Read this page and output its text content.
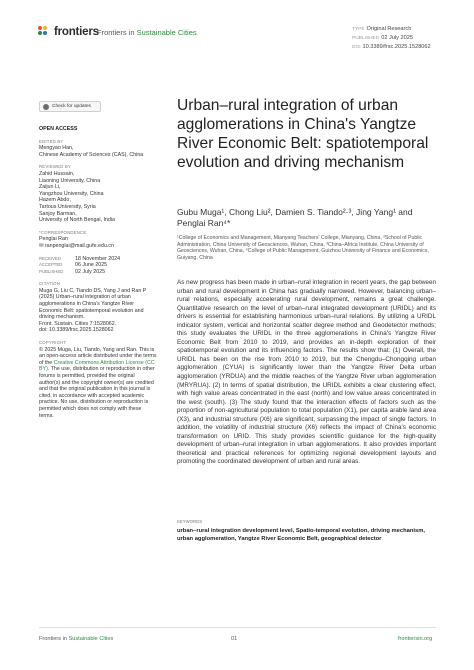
frontiers
Frontiers in Sustainable Cities	TYPE Original Research
PUBLISHED 02 July 2025
DOI 10.3389/frsc.2025.1528062
Check for updates
OPEN ACCESS
EDITED BY
Mengyao Han,
Chinese Academy of Sciences (CAS), China
REVIEWED BY
Zahid Hussain,
Liaoning University, China
Zaijun Li,
Yangzhou University, China
Hazem Abdo,
Tartous University, Syria
Sanjoy Barman,
University of North Bengal, India
*CORRESPONDENCE
Penglai Ran
✉ ranpenglai@mail.gufe.edu.cn
RECEIVED	18 November 2024
ACCEPTED	06 June 2025
PUBLISHED	02 July 2025
CITATION
Muga G, Liu C, Tiando DS, Yang J and Ran P (2025) Urban–rural integration of urban agglomerations in China's Yangtze River Economic Belt: spatiotemporal evolution and driving mechanism.
Front. Sustain. Cities 7:1528062.
doi: 10.3389/frsc.2025.1528062
COPYRIGHT
© 2025 Muga, Liu, Tiando, Yang and Ran. This is an open-access article distributed under the terms of the Creative Commons Attribution License (CC BY). The use, distribution or reproduction in other forums is permitted, provided the original author(s) and the copyright owner(s) are credited and that the original publication in this journal is cited, in accordance with accepted academic practice. No use, distribution or reproduction is permitted which does not comply with these terms.
Urban–rural integration of urban agglomerations in China's Yangtze River Economic Belt: spatiotemporal evolution and driving mechanism
Gubu Muga¹, Chong Liu², Damien S. Tiando²·³, Jing Yang¹ and Penglai Ran⁴*
¹College of Economics and Management, Mianyang Teachers' College, Mianyang, China, ²School of Public Administration, China University of Geosciences, Wuhan, China, ³China–Africa Institute, China University of Geosciences, Wuhan, China, ⁴College of Public Management, Guizhou University of Finance and Economics, Guiyang, China
As new progress has been made in urban–rural integration in recent years, the gap between urban and rural development in China has gradually narrowed. However, balancing urban–rural relations, especially accelerating rural development, remains a great challenge. Quantitative research on the level of urban–rural integrated development (URIDL) and its drivers is essential for establishing harmonious urban–rural relations. By utilizing a URIDL indicator system, vertical and horizontal scatter degree method and Geodetector methods; this study evaluates the URIDL in the three agglomerations in China's Yangtze River Economic Belt from 2010 to 2019, and provides an in-depth exploration of their spatiotemporal evolution and its influencing factors. The results show that: (1) Overall, the URIDL has been on the rise from 2010 to 2019, but the Chengdu–Chongqing urban agglomeration (CYUA) is significantly lower than the Yangtze River Delta urban agglomeration (YRDUA) and the middle reaches of the Yangtze River urban agglomeration (MRYRUA). (2) In terms of spatial distribution, the URIDL exhibits a clear clustering effect, with high value areas concentrated in the east (north) and low value areas concentrated in the west (south). (3) The study found that the interaction effects of factors such as the proportion of non-agricultural population to total population (X1), per capita arable land area (X3), and industrial structure (X6) are significant, surpassing the impact of single factors. In addition, the volatility of industrial structure (X6) reflects the impact of China's economic transformation on URID. This study provides scientific guidance for the high-quality development of urban–rural integration in urban agglomerations. It also provides important theoretical and practical references for optimizing regional development layouts and promoting the coordinated development of urban and rural areas.
KEYWORDS
urban–rural integration development level, Spatio-temporal evolution, driving mechanism, urban agglomeration, Yangtze River Economic Belt, geographical detector
Frontiers in Sustainable Cities	01	frontiersin.org
